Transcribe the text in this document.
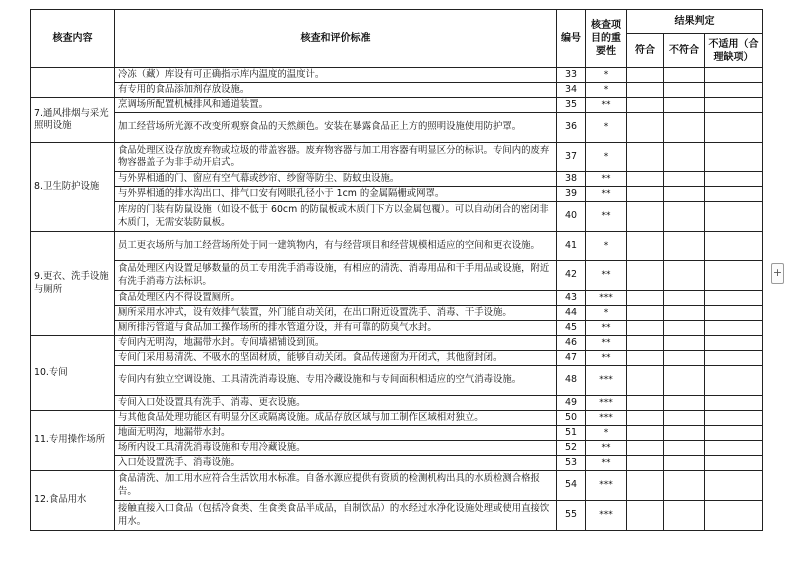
核查内容	核查和评价标准	编号	核查项目的重要性	结果判定		
				符合	不符合	不适用（合理缺项）
	冷冻（藏）库设有可正确指示库内温度的温度计。	33	*			
	有专用的食品添加剂存放设施。	34	*			
7.通风排烟与采光照明设施	烹调场所配置机械排风和通道装置。	35	**			
	加工经营场所光源不改变所观察食品的天然颜色。安装在暴露食品正上方的照明设施使用防护罩。	36	*			
8.卫生防护设施	食品处理区设存放废弃物或垃圾的带盖容器。废弃物容器与加工用容器有明显区分的标识。专间内的废弃物容器盖子为非手动开启式。	37	*			
	与外界相通的门、窗应有空气幕或纱帘、纱窗等防尘、防蚊虫设施。	38	**			
	与外界相通的排水沟出口、排气口安有网眼孔径小于 1cm 的金属隔栅或网罩。	39	**			
	库房的门装有防鼠设施（如设不低于 60cm 的防鼠板或木质门下方以金属包覆）。可以自动闭合的密闭非木质门，无需安装防鼠板。	40	**			
9.更衣、洗手设施与厕所	员工更衣场所与加工经营场所处于同一建筑物内，有与经营项目和经营规模相适应的空间和更衣设施。	41	*			
	食品处理区内设置足够数量的员工专用洗手消毒设施，有相应的清洗、消毒用品和干手用品或设施，附近有洗手消毒方法标识。	42	**			
	食品处理区内不得设置厕所。	43	***			
	厕所采用水冲式，设有效排气装置，外门能自动关闭，在出口附近设置洗手、消毒、干手设施。	44	*			
	厕所排污管道与食品加工操作场所的排水管道分设，并有可靠的防臭气水封。	45	**			
10.专间	专间内无明沟，地漏带水封。专间墙裙铺设到顶。	46	**			
	专间门采用易清洗、不吸水的坚固材质，能够自动关闭。食品传递窗为开闭式，其他窗封闭。	47	**			
	专间内有独立空调设施、工具清洗消毒设施、专用冷藏设施和与专间面积相适应的空气消毒设施。	48	***			
	专间入口处设置具有洗手、消毒、更衣设施。	49	***			
11.专用操作场所	与其他食品处理功能区有明显分区或隔离设施。成品存放区域与加工制作区域相对独立。	50	***			
	地面无明沟，地漏带水封。	51	*			
	场所内设工具清洗消毒设施和专用冷藏设施。	52	**			
	入口处设置洗手、消毒设施。	53	**			
12.食品用水	食品清洗、加工用水应符合生活饮用水标准。自备水源应提供有资质的检测机构出具的水质检测合格报告。	54	***			
	接触直接入口食品（包括冷食类、生食类食品半成品，自制饮品）的水经过水净化设施处理或使用直接饮用水。	55	***			
+
